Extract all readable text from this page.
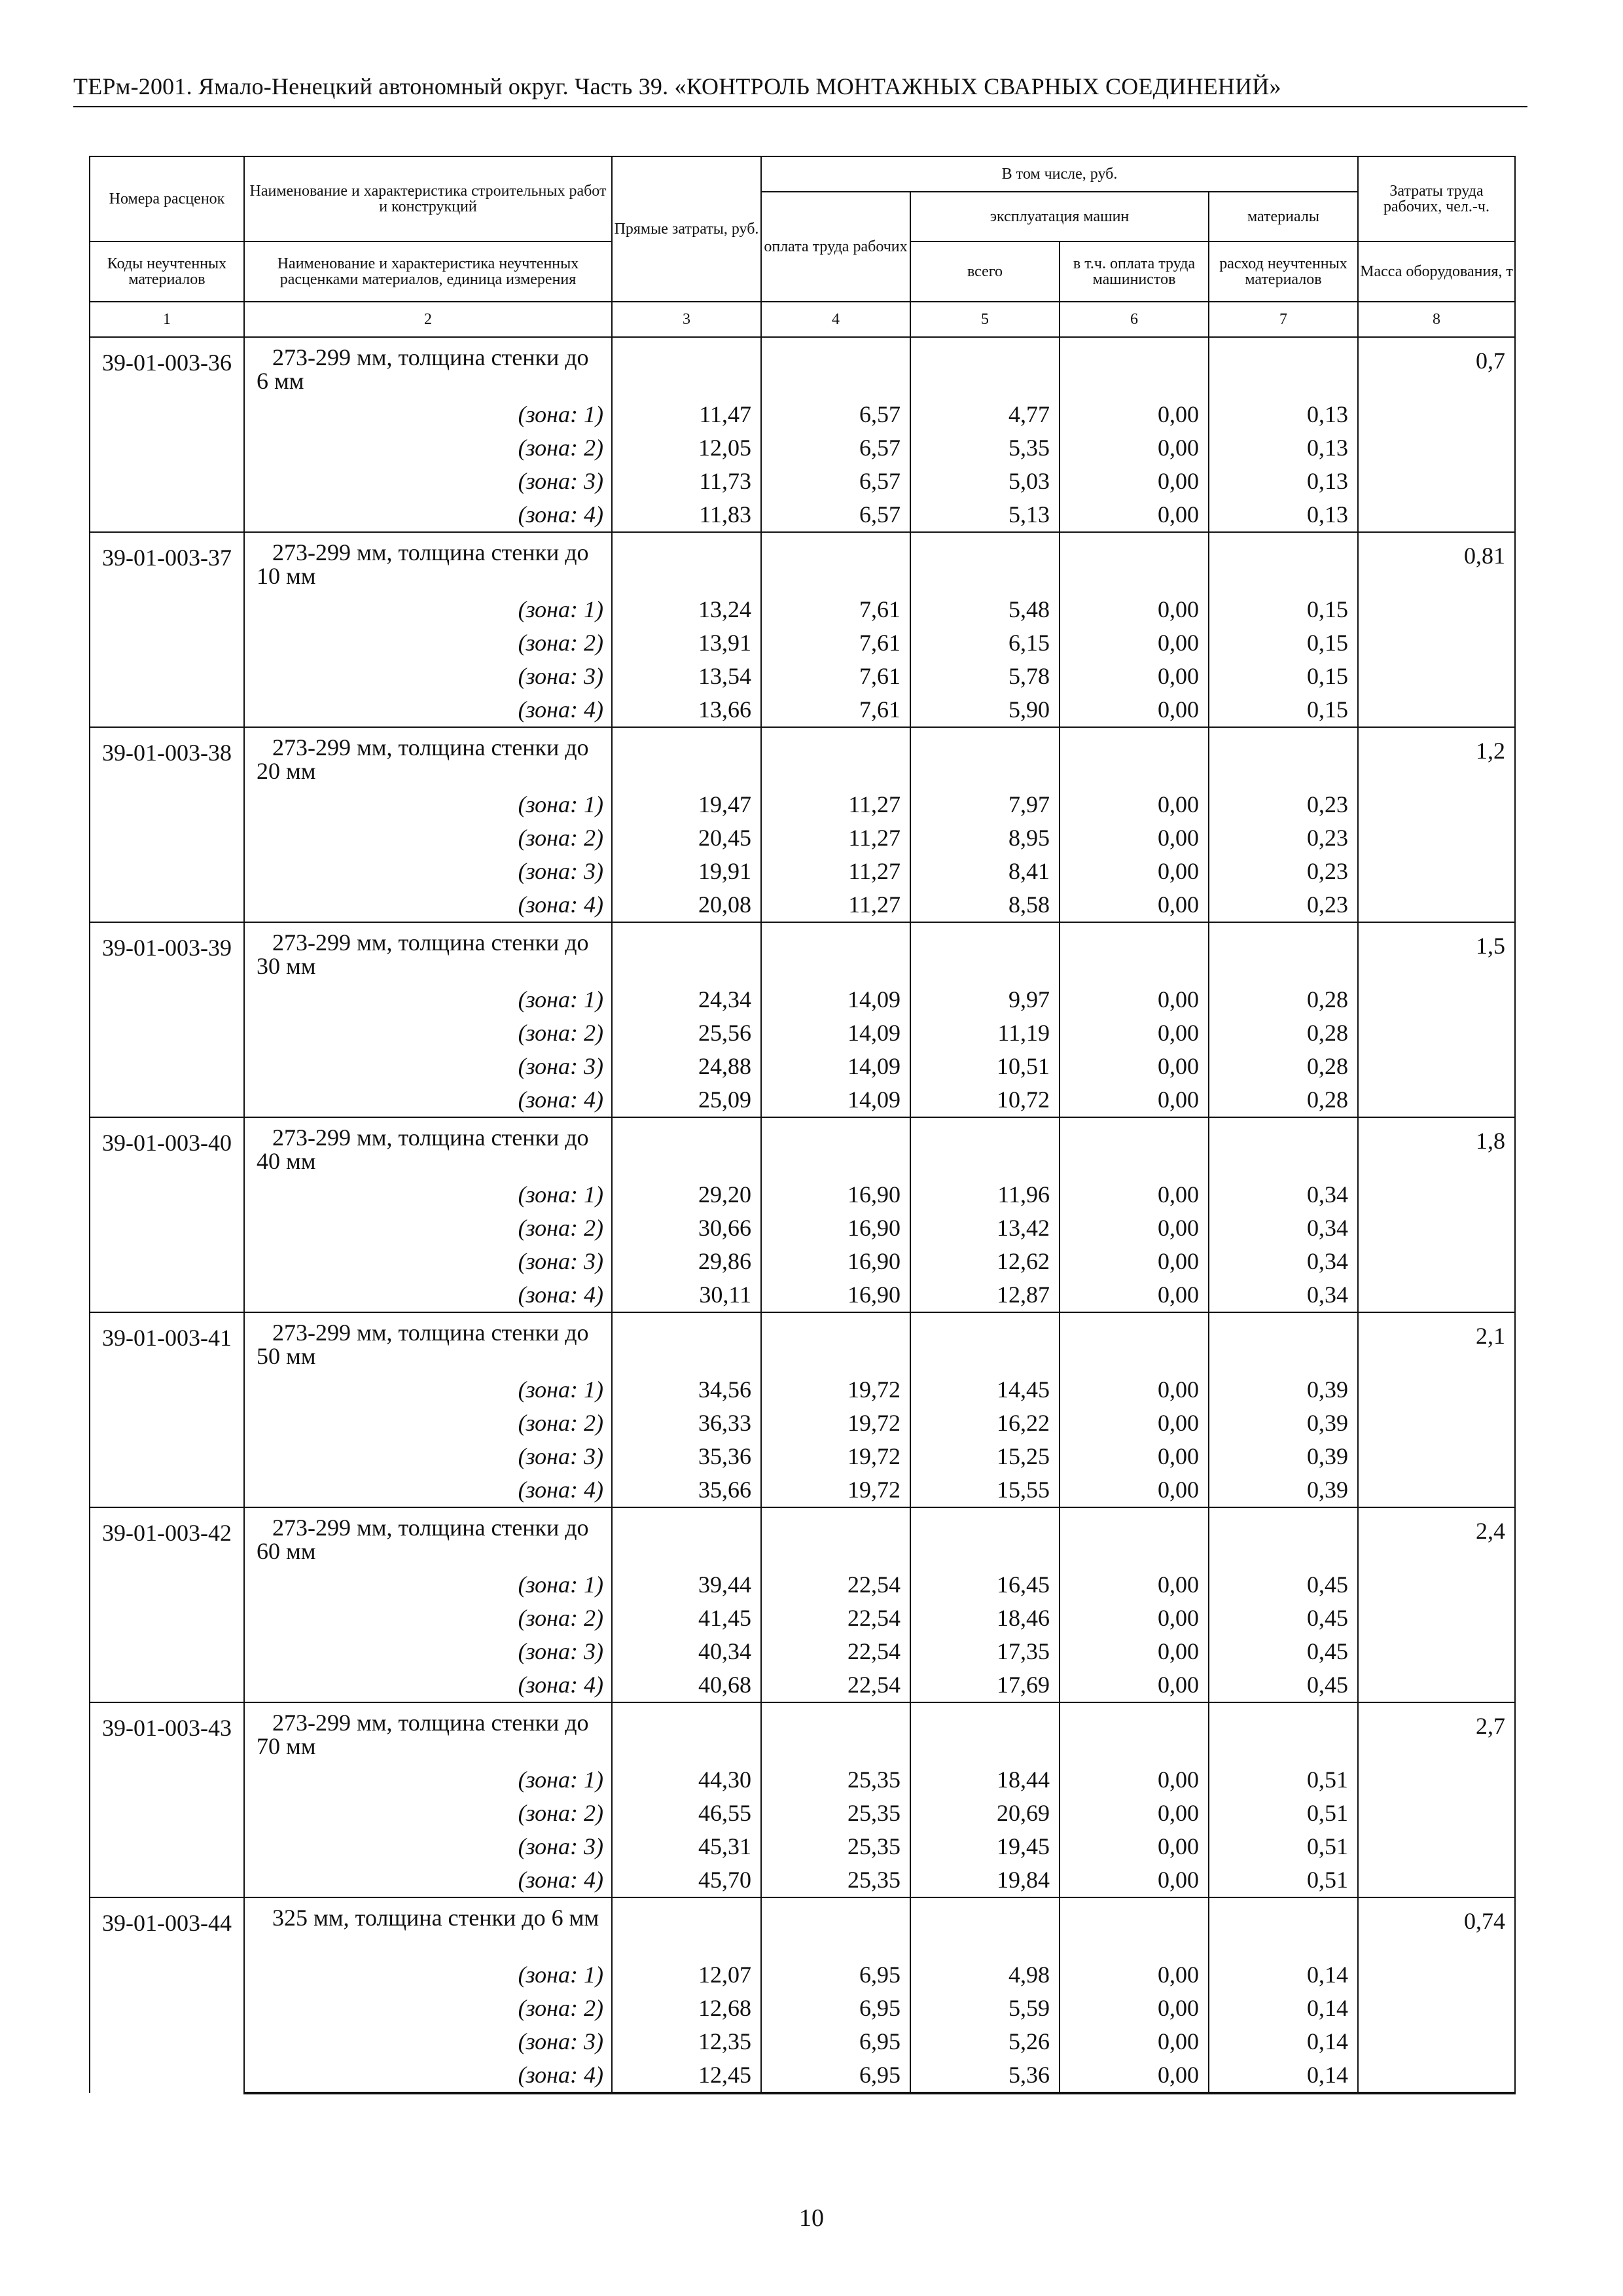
ТЕРм-2001. Ямало-Ненецкий автономный округ. Часть 39. «КОНТРОЛЬ МОНТАЖНЫХ СВАРНЫХ СОЕДИНЕНИЙ»
Номера расценок	Наименование и характеристика строительных работ и конструкций	Прямые затраты, руб.	В том числе, руб.				Затраты труда рабочих, чел.-ч.
			оплата труда рабочих	эксплуатация машин		материалы	
Коды неучтенных материалов	Наименование и характеристика неучтенных расценками материалов, единица измерения			всего	в т.ч. оплата труда машинистов	расход неучтенных материалов	Масса оборудования, т
1	2	3	4	5	6	7	8
39-01-003-36	273-299 мм, толщина стенки до 6 мм						0,7
	(зона: 1)	11,47	6,57	4,77	0,00	0,13	
	(зона: 2)	12,05	6,57	5,35	0,00	0,13	
	(зона: 3)	11,73	6,57	5,03	0,00	0,13	
	(зона: 4)	11,83	6,57	5,13	0,00	0,13	
39-01-003-37	273-299 мм, толщина стенки до 10 мм						0,81
	(зона: 1)	13,24	7,61	5,48	0,00	0,15	
	(зона: 2)	13,91	7,61	6,15	0,00	0,15	
	(зона: 3)	13,54	7,61	5,78	0,00	0,15	
	(зона: 4)	13,66	7,61	5,90	0,00	0,15	
39-01-003-38	273-299 мм, толщина стенки до 20 мм						1,2
	(зона: 1)	19,47	11,27	7,97	0,00	0,23	
	(зона: 2)	20,45	11,27	8,95	0,00	0,23	
	(зона: 3)	19,91	11,27	8,41	0,00	0,23	
	(зона: 4)	20,08	11,27	8,58	0,00	0,23	
39-01-003-39	273-299 мм, толщина стенки до 30 мм						1,5
	(зона: 1)	24,34	14,09	9,97	0,00	0,28	
	(зона: 2)	25,56	14,09	11,19	0,00	0,28	
	(зона: 3)	24,88	14,09	10,51	0,00	0,28	
	(зона: 4)	25,09	14,09	10,72	0,00	0,28	
39-01-003-40	273-299 мм, толщина стенки до 40 мм						1,8
	(зона: 1)	29,20	16,90	11,96	0,00	0,34	
	(зона: 2)	30,66	16,90	13,42	0,00	0,34	
	(зона: 3)	29,86	16,90	12,62	0,00	0,34	
	(зона: 4)	30,11	16,90	12,87	0,00	0,34	
39-01-003-41	273-299 мм, толщина стенки до 50 мм						2,1
	(зона: 1)	34,56	19,72	14,45	0,00	0,39	
	(зона: 2)	36,33	19,72	16,22	0,00	0,39	
	(зона: 3)	35,36	19,72	15,25	0,00	0,39	
	(зона: 4)	35,66	19,72	15,55	0,00	0,39	
39-01-003-42	273-299 мм, толщина стенки до 60 мм						2,4
	(зона: 1)	39,44	22,54	16,45	0,00	0,45	
	(зона: 2)	41,45	22,54	18,46	0,00	0,45	
	(зона: 3)	40,34	22,54	17,35	0,00	0,45	
	(зона: 4)	40,68	22,54	17,69	0,00	0,45	
39-01-003-43	273-299 мм, толщина стенки до 70 мм						2,7
	(зона: 1)	44,30	25,35	18,44	0,00	0,51	
	(зона: 2)	46,55	25,35	20,69	0,00	0,51	
	(зона: 3)	45,31	25,35	19,45	0,00	0,51	
	(зона: 4)	45,70	25,35	19,84	0,00	0,51	
39-01-003-44	325 мм, толщина стенки до 6 мм						0,74
	(зона: 1)	12,07	6,95	4,98	0,00	0,14	
	(зона: 2)	12,68	6,95	5,59	0,00	0,14	
	(зона: 3)	12,35	6,95	5,26	0,00	0,14	
	(зона: 4)	12,45	6,95	5,36	0,00	0,14	
10
